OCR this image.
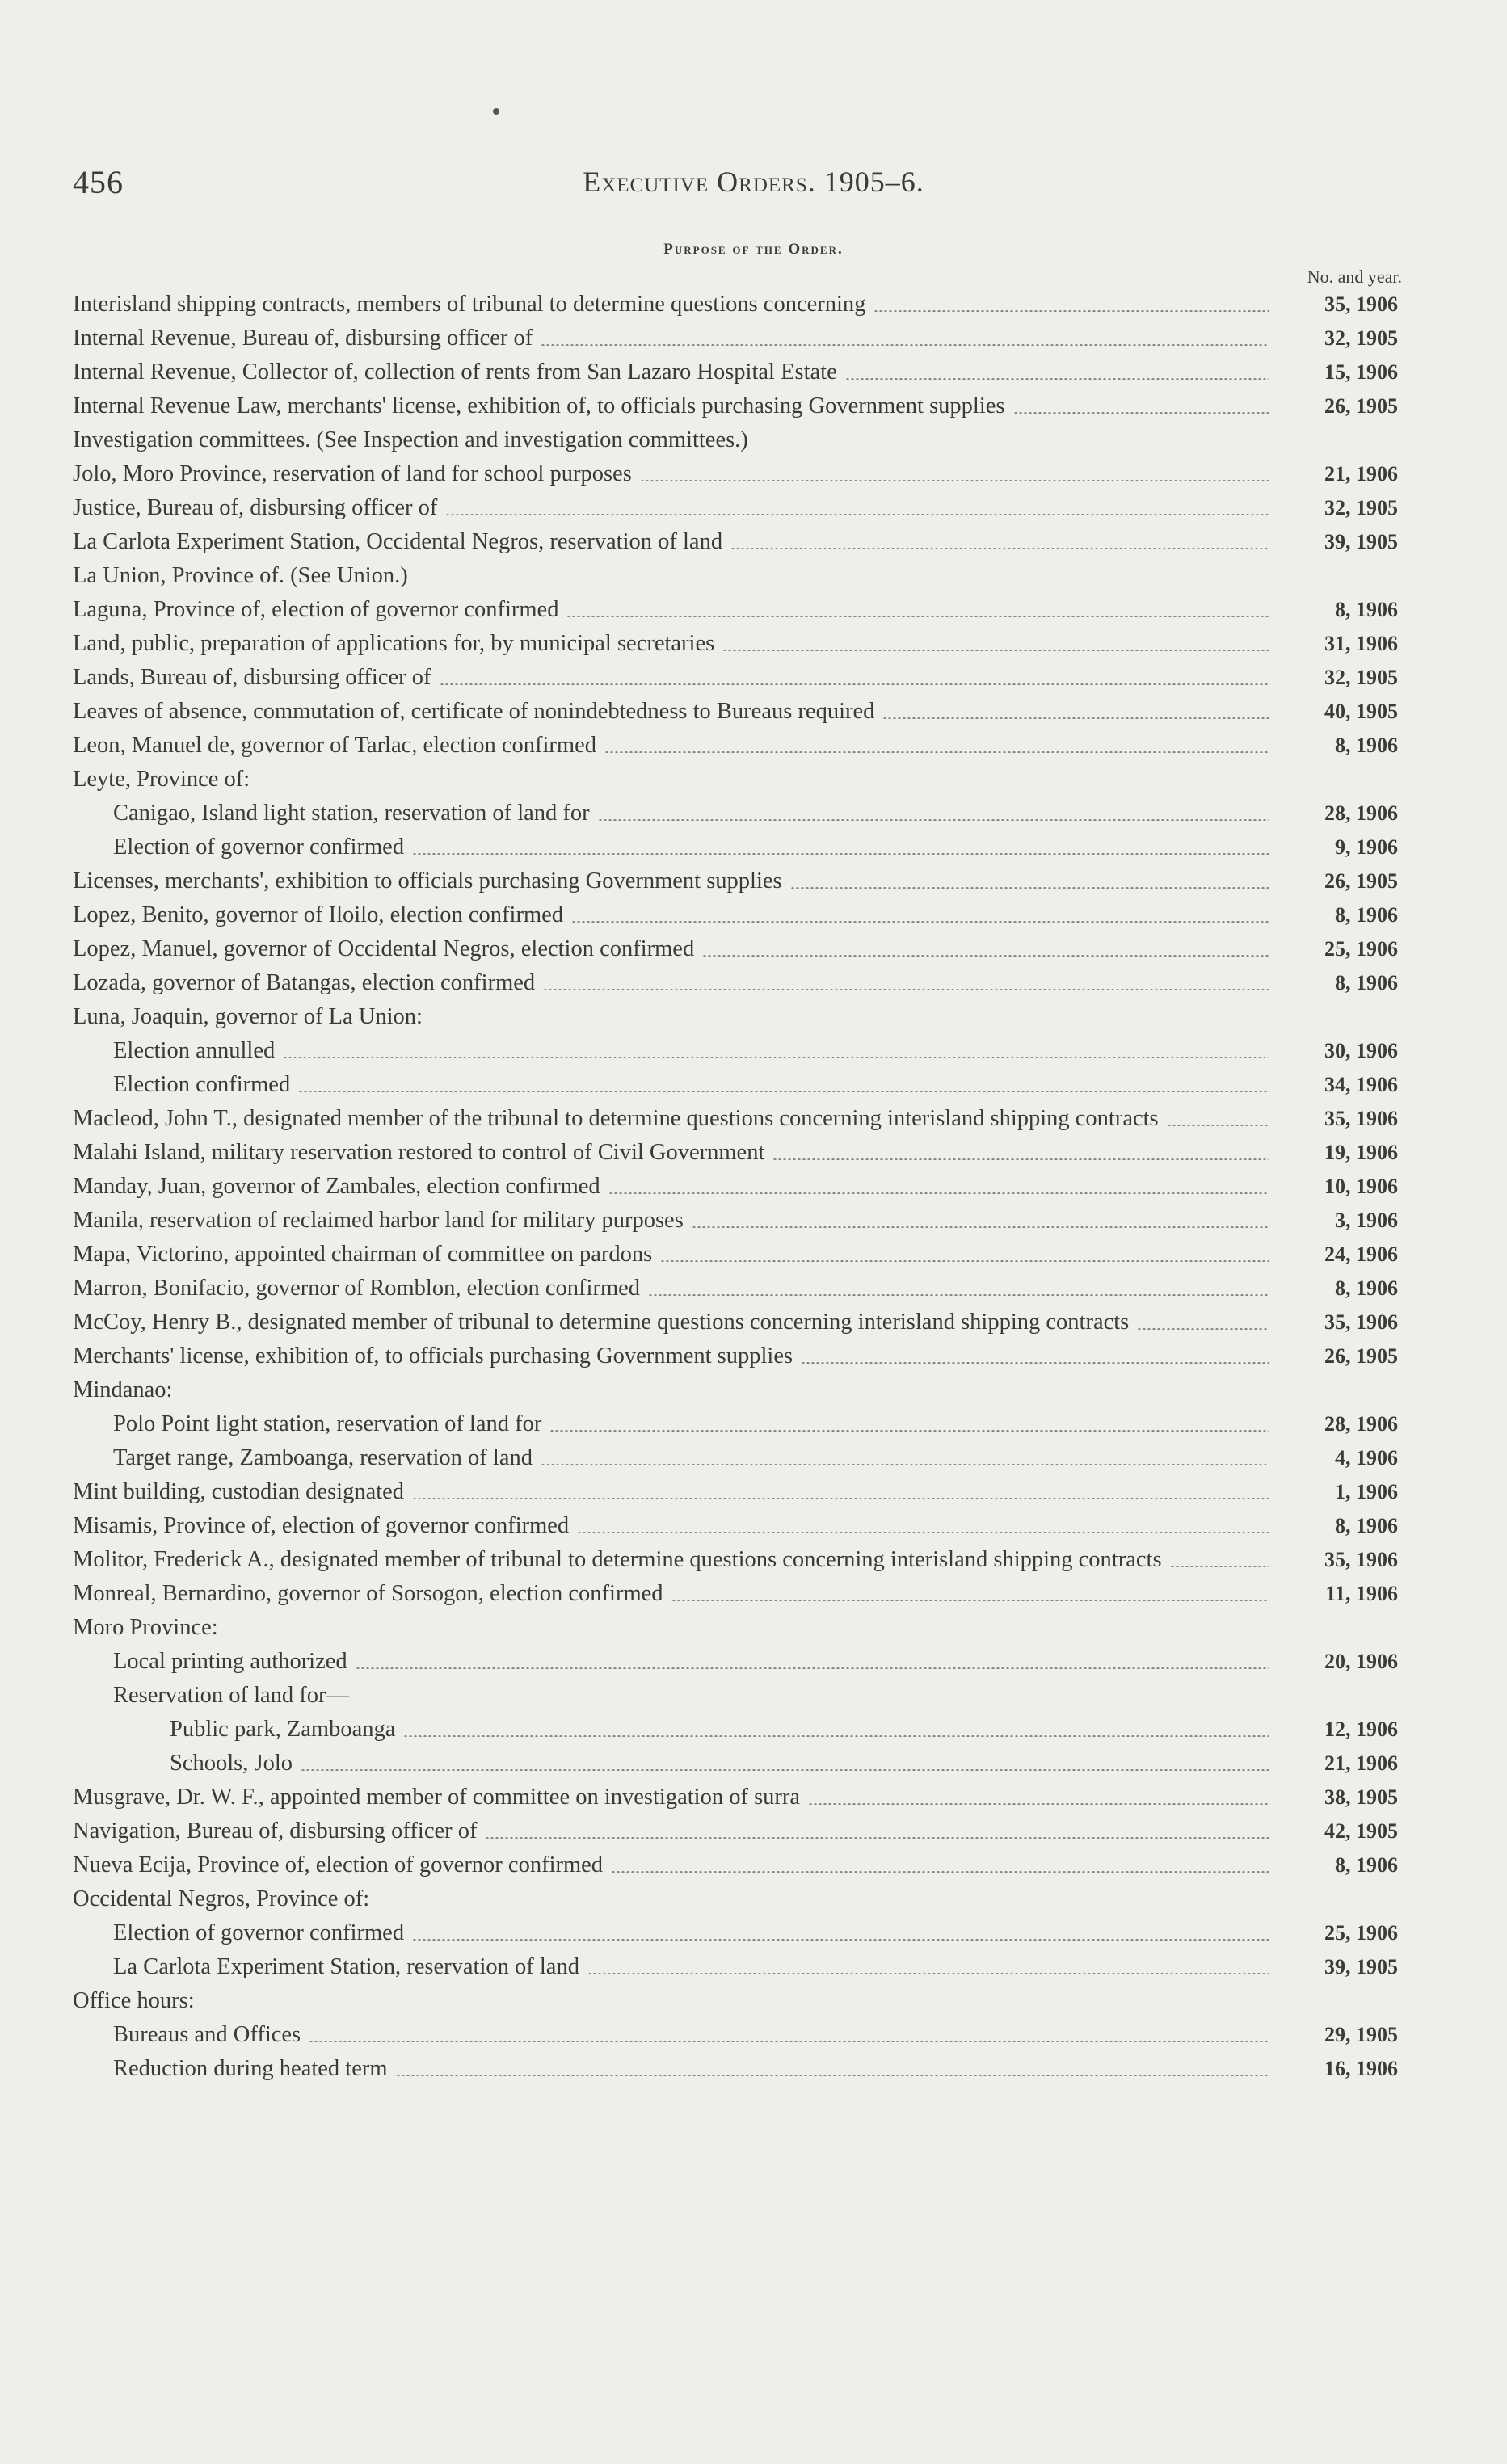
456	Executive Orders. 1905–6.
Purpose of the Order.
No. and year.
Interisland shipping contracts, members of tribunal to determine questions concerning	35, 1906
Internal Revenue, Bureau of, disbursing officer of	32, 1905
Internal Revenue, Collector of, collection of rents from San Lazaro Hospital Estate	15, 1906
Internal Revenue Law, merchants' license, exhibition of, to officials purchasing Government supplies	26, 1905
Investigation committees. (See Inspection and investigation committees.)
Jolo, Moro Province, reservation of land for school purposes	21, 1906
Justice, Bureau of, disbursing officer of	32, 1905
La Carlota Experiment Station, Occidental Negros, reservation of land	39, 1905
La Union, Province of. (See Union.)
Laguna, Province of, election of governor confirmed	8, 1906
Land, public, preparation of applications for, by municipal secretaries	31, 1906
Lands, Bureau of, disbursing officer of	32, 1905
Leaves of absence, commutation of, certificate of nonindebtedness to Bureaus required	40, 1905
Leon, Manuel de, governor of Tarlac, election confirmed	8, 1906
Leyte, Province of:
Canigao, Island light station, reservation of land for	28, 1906
Election of governor confirmed	9, 1906
Licenses, merchants', exhibition to officials purchasing Government supplies	26, 1905
Lopez, Benito, governor of Iloilo, election confirmed	8, 1906
Lopez, Manuel, governor of Occidental Negros, election confirmed	25, 1906
Lozada, governor of Batangas, election confirmed	8, 1906
Luna, Joaquin, governor of La Union:
Election annulled	30, 1906
Election confirmed	34, 1906
Macleod, John T., designated member of the tribunal to determine questions concerning interisland shipping contracts	35, 1906
Malahi Island, military reservation restored to control of Civil Government	19, 1906
Manday, Juan, governor of Zambales, election confirmed	10, 1906
Manila, reservation of reclaimed harbor land for military purposes	3, 1906
Mapa, Victorino, appointed chairman of committee on pardons	24, 1906
Marron, Bonifacio, governor of Romblon, election confirmed	8, 1906
McCoy, Henry B., designated member of tribunal to determine questions concerning interisland shipping contracts	35, 1906
Merchants' license, exhibition of, to officials purchasing Government supplies	26, 1905
Mindanao:
Polo Point light station, reservation of land for	28, 1906
Target range, Zamboanga, reservation of land	4, 1906
Mint building, custodian designated	1, 1906
Misamis, Province of, election of governor confirmed	8, 1906
Molitor, Frederick A., designated member of tribunal to determine questions concerning interisland shipping contracts	35, 1906
Monreal, Bernardino, governor of Sorsogon, election confirmed	11, 1906
Moro Province:
Local printing authorized	20, 1906
Reservation of land for—
Public park, Zamboanga	12, 1906
Schools, Jolo	21, 1906
Musgrave, Dr. W. F., appointed member of committee on investigation of surra	38, 1905
Navigation, Bureau of, disbursing officer of	42, 1905
Nueva Ecija, Province of, election of governor confirmed	8, 1906
Occidental Negros, Province of:
Election of governor confirmed	25, 1906
La Carlota Experiment Station, reservation of land	39, 1905
Office hours:
Bureaus and Offices	29, 1905
Reduction during heated term	16, 1906
